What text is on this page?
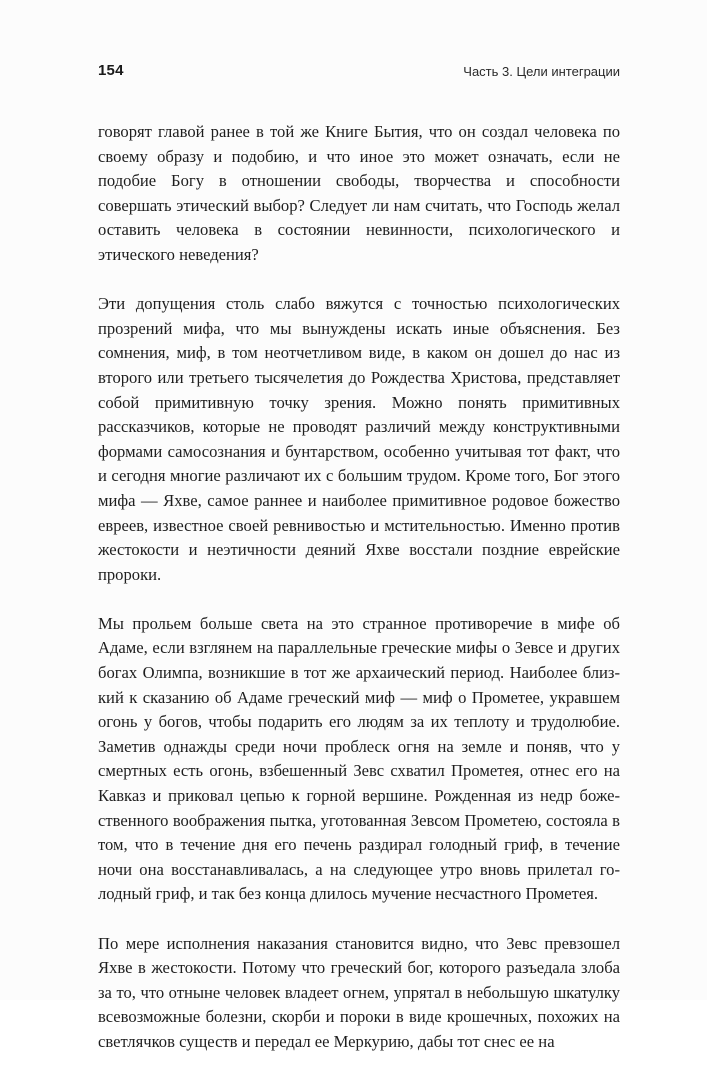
154	Часть 3. Цели интеграции

говорят главой ранее в той же Книге Бытия, что он создал человека по своему образу и подобию, и что иное это может означать, если не подобие Богу в отношении свободы, творчества и способности совершать этический выбор? Следует ли нам считать, что Господь желал оставить человека в состоянии невинности, психологического и этического неведения?

Эти допущения столь слабо вяжутся с точностью психологических прозрений мифа, что мы вынуждены искать иные объяснения. Без сомнения, миф, в том неотчетливом виде, в каком он дошел до нас из второго или третьего тысячелетия до Рождества Христова, представляет собой примитивную точку зрения. Можно понять примитивных рассказчиков, которые не проводят различий между конструктивными формами самосознания и бунтарством, особенно учитывая тот факт, что и сегодня многие различают их с большим трудом. Кроме того, Бог этого мифа — Яхве, самое раннее и наиболее примитивное родовое божество евреев, известное своей ревнивостью и мстительностью. Именно против жестокости и неэтичности деяний Яхве восстали поздние еврейские пророки.

Мы прольем больше света на это странное противоречие в мифе об Адаме, если взглянем на параллельные греческие мифы о Зевсе и других богах Олимпа, возникшие в тот же архаический период. Наиболее близкий к сказанию об Адаме греческий миф — миф о Прометее, укравшем огонь у богов, чтобы подарить его людям за их теплоту и трудолюбие. Заметив однажды среди ночи проблеск огня на земле и поняв, что у смертных есть огонь, взбешенный Зевс схватил Прометея, отнес его на Кавказ и приковал цепью к горной вершине. Рожденная из недр божественного воображения пытка, уготованная Зевсом Прометею, состояла в том, что в течение дня его печень раздирал голодный гриф, в течение ночи она восстанавливалась, а на следующее утро вновь прилетал голодный гриф, и так без конца длилось мучение несчастного Прометея.

По мере исполнения наказания становится видно, что Зевс превзошел Яхве в жестокости. Потому что греческий бог, которого разъедала злоба за то, что отныне человек владеет огнем, упрятал в небольшую шкатулку всевозможные болезни, скорби и пороки в виде крошечных, похожих на светлячков существ и передал ее Меркурию, дабы тот снес ее на
